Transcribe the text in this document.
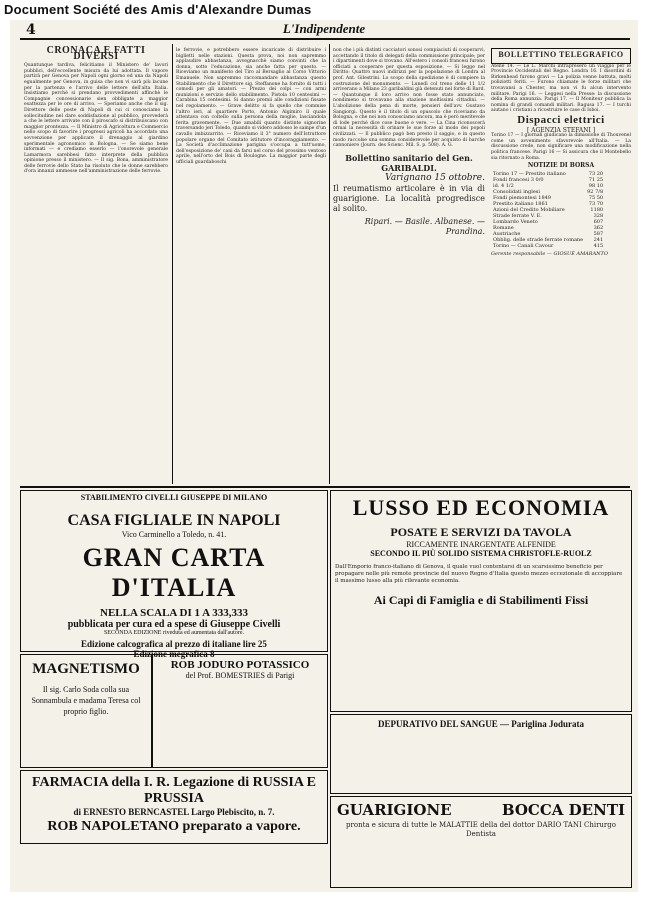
Document Société des Amis d'Alexandre Dumas
4	L'Indipendente
CRONACA E FATTI DIVERSI
Quantunque tardiva, felicitiamo il Ministero de' lavori pubblici, dell'eccellente misura da lui adottata. Il vapore partirà per Genova per Napoli ogni giorno ed una da Napoli egualmente per Genova, in guisa che non vi sarà più lacune per la partenza e l'arrivo delle lettere dell'alta Italia. Insistiamo perchè si prendano provvedimenti affinchè le Compagnie concessionarie sien obbligate a maggior esattezza per le ore di arrivo. — Speriamo anche che il sig. Direttore delle poste di Napoli di cui ci conosciamo la sollecitudine nel dare soddisfazione al pubblico, provvederà a che le lettere arrivate con il piroscafo si distribuiscano con maggior prontezza. — Il Ministro di Agricoltura e Commercio nello scopo di favorire i progressi agricoli ha accordato una sovvenzione per applicare il drenaggio al giardino sperimentale agronomico in Bologna. — Se siamo bene informati — e crediamo esserlo — l'onorevole generale Lamarmora sarebbesi fatto interprete della pubblica opinione presso il ministero. — Il sig. Bona, amministratore delle ferrovie dello Stato ha risoluto che le donne sarebbero d'ora innanzi ammesse nell'amministrazione delle ferrovie.
le ferrovie, e potrebbero essere incaricate di distribuire i biglietti nelle stazioni. Questa prova, noi non sapremmo applaudire abbastanza, avvegnacchè siamo convinti che la donna, sotto l'educazione, sia anche fatta per questo. — Riceviamo un manifesto del Tiro al Bersaglio al Corso Vittorio Emanuele. Non sapremmo raccomandare abbastanza questo Stabilimento che il Direttore sig. Steffanone ha fornito di tutti i comodi per gli amatori. — Prezzo dei colpi — con armi munizioni e servizio dello stabilimento. Pistola 10 centesimi — Carabina 15 centesimi. Si danno premii alle condizioni fissate nel regolamento. — Grave delitto si fa quello che commise l'altro ieri, al quartiere Porto, Antonio Algimiro il quale attentava con coltello sulla persona della moglie, lasciandola ferita gravemente. — Due amabili quanto distinte signorine traversando jeri Toledo, quando si videro addosso le sampe d'un cavallo imbizzarrito. — Riceviamo il 3° numero dell'Istruttore popolare organo del Comitato istitutore d'incoraggiamento. — La Società d'acclimazione parigina s'occupa a tutt'uomo, dell'esposizione de' cani da farsi nel corso del prossimo ventoso aprile, nell'orto del Bois di Boulogne. La maggior parte degli ufficiali guardaboschi
non che i più distinti cacciatori sonosi compiaciuti di cooperarvi, accettando il titolo di delegati della commissione principale; per i dipartimenti dove si trovano. All'estero i consoli francesi furono officiati a cooperare per questa esposizione. — Si legge nel Diritto: Quattro nuovi indirizzi per la popolazione di Londra al prof. Ant. Gilestrini. Lo scopo della spedizione è di compiere la costruzione del monumento. — Lunedì col treno delle 11 1/2 arriverano a Milano 23 garibaldini già detenuti nel forte di Bard. — Quantunque il loro arrivo non fosse stato annunciato, nondimeno si trovavano alla stazione moltissimi cittadini. — L'abolizione della pena di morte, pensieri dell'avv. Gustavo Sangiorgi. Questo è il titolo di un opuscolo che riceviamo da Bologna, e che noi non conosciamo ancora, ma è però meritevole di lode perchè dice cose buone e vere. — La Cina riconoscerà ormai la necessità di orinare le sue forze al modo dei popoli civilizzati. — Il pubblico pagò ben presto il saggio, e in questo modo raccolse una somma considerevole per acquisto di barche cannoniere (Journ. des Scienc. Mil. S. p. 508). A. G.
Bollettino sanitario del Gen. GARIBALDI.
Varignano 15 ottobre.
Il reumatismo articolare è in via di guarigione. La località progredisce al solito.
Ripari. — Basile. Albanese. — Prandina.
BOLLETTINO TELEGRAFICO
Atene 14. — Le L. Marchi intrapresero un viaggio per le Provincie Occidentali del Regno. Londra 16. I disordini di Birkenhead furono gravi — La polizia venne battuta, molti poliziotti feriti. — Furono chiamate le forze militari che trovavansi a Chester, ma non vi fu alcun intervento militare. Parigi 16. — Leggesi nella Presse: la discussione della Roma annunzia. Parigi 17. — Il Moniteur pubblica la nomina di grandi comandi militari. Ragusa 17. — I turchi aiutano i cristiani a ricostruire le case di Isboi.
Dispacci elettrici
[ AGENZIA STEFANI ]
Torino 17 — I giornali giudicano la dimissione di Thouvenel come un avvenimento sfavorevole all'Italia. — La discussione crede, non significare una modificazione nella politica francese. Parigi 16 — Si assicura che il Montebello sia ritornato a Roma.
NOTIZIE DI BORSA
Torino 17 — Prestito italiano	73 20
Fondi francesi 3 0/0	71 25
id. 4 1/2	98 10
Consolidati inglesi	92 7/8
Fondi piemontesi 1849	75 50
Prestito italiano 1861	73 70
Azioni del Credito Mobiliare	1180
Strade ferrate V. E.	328
Lombardo Veneto	607
Romane	362
Austriache	587
Obblig. delle strade ferrate romane	241
Torino — Canali Cavour	415
Gerente responsabile — GIOSUÈ AMARANTO
STABILIMENTO CIVELLI GIUSEPPE DI MILANO
CASA FIGLIALE IN NAPOLI
Vico Carminello a Toledo, n. 41.
GRAN CARTA D'ITALIA
NELLA SCALA DI 1 A 333,333
pubblicata per cura ed a spese di Giuseppe Civelli
SECONDA EDIZIONE riveduta ed aumentata dall'autore.
Edizione calcografica al prezzo di italiane lire 25
Edizione megrafica 8
LUSSO ED ECONOMIA
POSATE E SERVIZI DA TAVOLA
RICCAMENTE INARGENTATE ALFENIDE
SECONDO IL PIÙ SOLIDO SISTEMA CHRISTOFLE-RUOLZ
Dall'Emporio franco-italiano di Genova, il quale vuol contentarsi di un scarsissimo beneficio per propagare nelle più remote provincie del nuovo Regno d'Italia questo mezzo eccezionale di accoppiare il massimo lusso alla più rilevante economia.
Ai Capi di Famiglia e di Stabilimenti Fissi
MAGNETISMO
Il sig. Carlo Soda colla sua Sonnambula e madama Teresa col proprio figlio.
ROB JODURO POTASSICO
del Prof. BOMESTRIES di Parigi
DEPURATIVO DEL SANGUE — Pariglina Jodurata
FARMACIA della I. R. Legazione di RUSSIA E PRUSSIA
di ERNESTO BERNCASTEL Largo Plebiscito, n. 7.
ROB NAPOLETANO preparato a vapore.
GUARIGIONE	BOCCA DENTI
pronta e sicura di tutte le MALATTIE della del dottor DARIO TANI Chirurgo Dentista
